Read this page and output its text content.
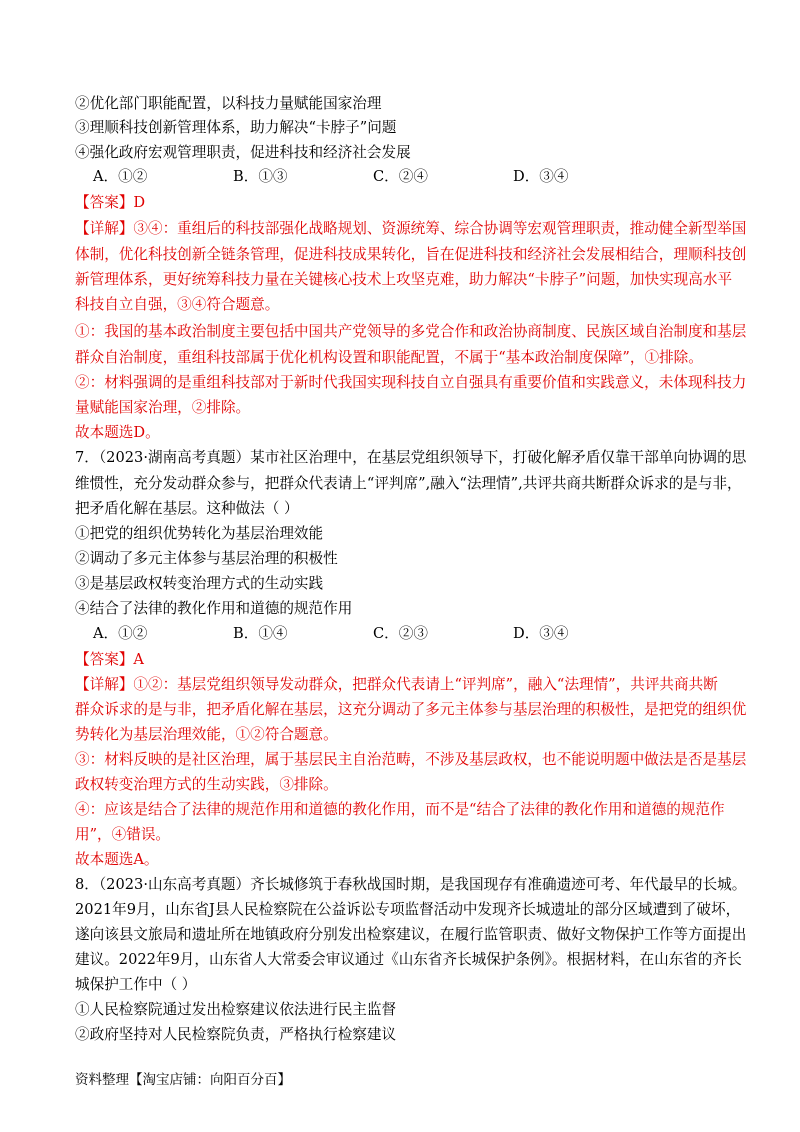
②优化部门职能配置，以科技力量赋能国家治理
③理顺科技创新管理体系，助力解决“卡脖子”问题
④强化政府宏观管理职责，促进科技和经济社会发展
A．①②	B．①③	C．②④	D．③④
【答案】D
【详解】③④：重组后的科技部强化战略规划、资源统筹、综合协调等宏观管理职责，推动健全新型举国
体制，优化科技创新全链条管理，促进科技成果转化，旨在促进科技和经济社会发展相结合，理顺科技创
新管理体系，更好统筹科技力量在关键核心技术上攻坚克难，助力解决“卡脖子”问题，加快实现高水平
科技自立自强，③④符合题意。
①：我国的基本政治制度主要包括中国共产党领导的多党合作和政治协商制度、民族区域自治制度和基层
群众自治制度，重组科技部属于优化机构设置和职能配置，不属于“基本政治制度保障”，①排除。
②：材料强调的是重组科技部对于新时代我国实现科技自立自强具有重要价值和实践意义，未体现科技力
量赋能国家治理，②排除。
故本题选D。
7．（2023·湖南高考真题）某市社区治理中，在基层党组织领导下，打破化解矛盾仅靠干部单向协调的思
维惯性，充分发动群众参与，把群众代表请上“评判席”,融入“法理情”,共评共商共断群众诉求的是与非，
把矛盾化解在基层。这种做法（ ）
①把党的组织优势转化为基层治理效能
②调动了多元主体参与基层治理的积极性
③是基层政权转变治理方式的生动实践
④结合了法律的教化作用和道德的规范作用
A．①②	B．①④	C．②③	D．③④
【答案】A
【详解】①②：基层党组织领导发动群众，把群众代表请上“评判席”，融入“法理情”，共评共商共断
群众诉求的是与非，把矛盾化解在基层，这充分调动了多元主体参与基层治理的积极性，是把党的组织优
势转化为基层治理效能，①②符合题意。
③：材料反映的是社区治理，属于基层民主自治范畴，不涉及基层政权，也不能说明题中做法是否是基层
政权转变治理方式的生动实践，③排除。
④：应该是结合了法律的规范作用和道德的教化作用，而不是“结合了法律的教化作用和道德的规范作
用”，④错误。
故本题选A。
8．（2023·山东高考真题）齐长城修筑于春秋战国时期，是我国现存有准确遗迹可考、年代最早的长城。
2021年9月，山东省J县人民检察院在公益诉讼专项监督活动中发现齐长城遗址的部分区域遭到了破坏，
遂向该县文旅局和遗址所在地镇政府分别发出检察建议，在履行监管职责、做好文物保护工作等方面提出
建议。2022年9月，山东省人大常委会审议通过《山东省齐长城保护条例》。根据材料，在山东省的齐长
城保护工作中（ ）
①人民检察院通过发出检察建议依法进行民主监督
②政府坚持对人民检察院负责，严格执行检察建议
资料整理【淘宝店铺：向阳百分百】
